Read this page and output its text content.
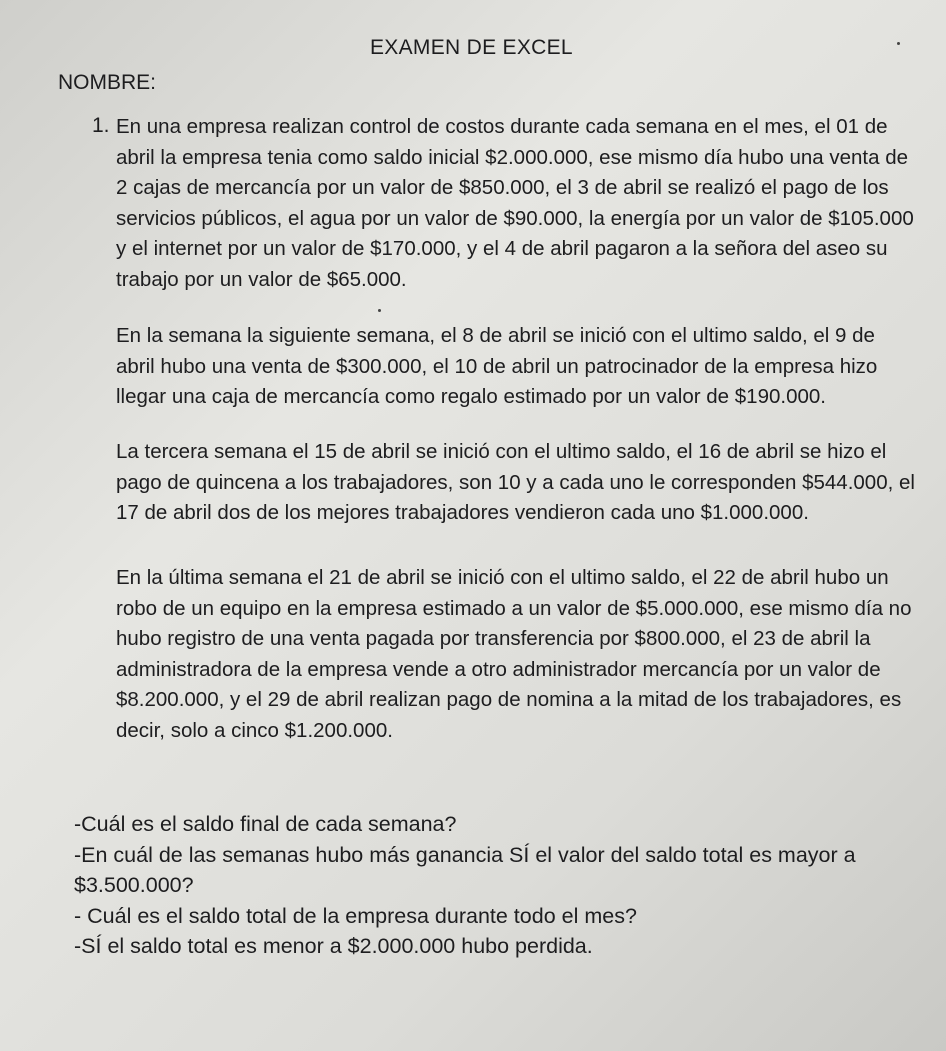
EXAMEN DE EXCEL
NOMBRE:
1. En una empresa realizan control de costos durante cada semana en el mes, el 01 de abril la empresa tenia como saldo inicial $2.000.000, ese mismo día hubo una venta de 2 cajas de mercancía por un valor de $850.000, el 3 de abril se realizó el pago de los servicios públicos, el agua por un valor de $90.000, la energía por un valor de $105.000 y el internet por un valor de $170.000, y el 4 de abril pagaron a la señora del aseo su trabajo por un valor de $65.000.

En la semana la siguiente semana, el 8 de abril se inició con el ultimo saldo, el 9 de abril hubo una venta de $300.000, el 10 de abril un patrocinador de la empresa hizo llegar una caja de mercancía como regalo estimado por un valor de $190.000.

La tercera semana el 15 de abril se inició con el ultimo saldo, el 16 de abril se hizo el pago de quincena a los trabajadores, son 10 y a cada uno le corresponden $544.000, el 17 de abril dos de los mejores trabajadores vendieron cada uno $1.000.000.

En la última semana el 21 de abril se inició con el ultimo saldo, el 22 de abril hubo un robo de un equipo en la empresa estimado a un valor de $5.000.000, ese mismo día no hubo registro de una venta pagada por transferencia por $800.000, el 23 de abril la administradora de la empresa vende a otro administrador mercancía por un valor de $8.200.000, y el 29 de abril realizan pago de nomina a la mitad de los trabajadores, es decir, solo a cinco $1.200.000.

-Cuál es el saldo final de cada semana?
-En cuál de las semanas hubo más ganancia SÍ el valor del saldo total es mayor a $3.500.000?
- Cuál es el saldo total de la empresa durante todo el mes?
-SÍ el saldo total es menor a $2.000.000 hubo perdida.
